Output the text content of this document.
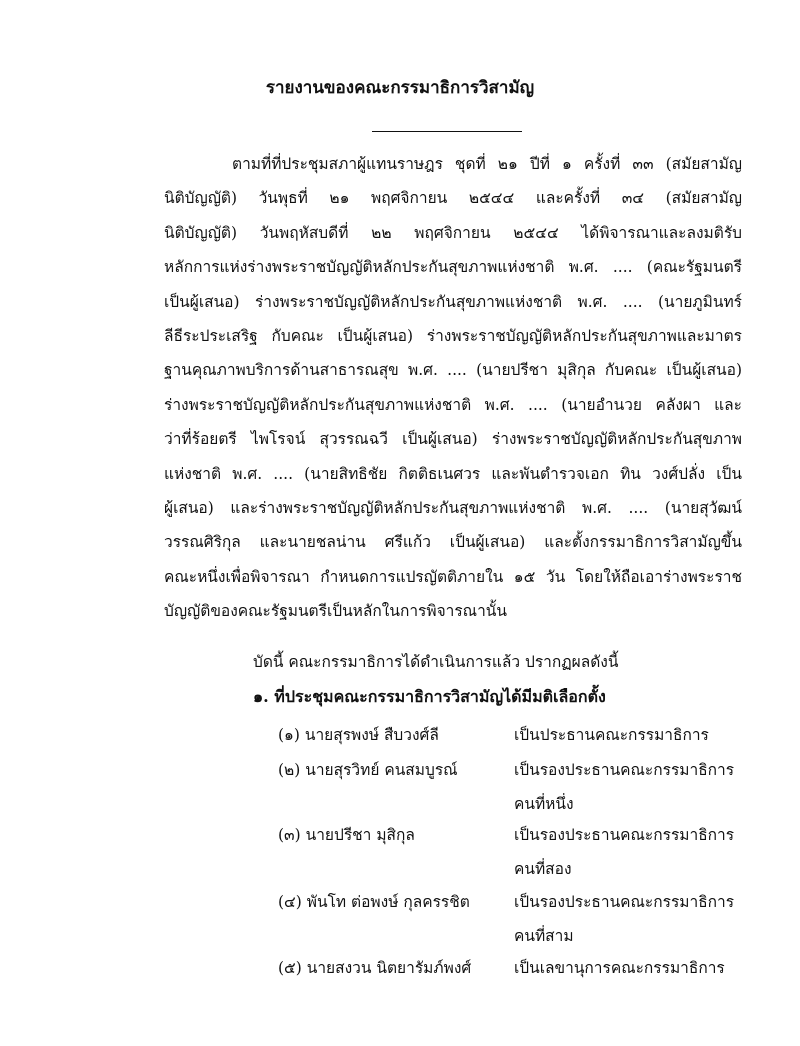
รายงานของคณะกรรมาธิการวิสามัญ
ตามที่ที่ประชุมสภาผู้แทนราษฎร ชุดที่ ๒๑ ปีที่ ๑ ครั้งที่ ๓๓ (สมัยสามัญ
นิติบัญญัติ) วันพุธที่ ๒๑ พฤศจิกายน ๒๕๔๔ และครั้งที่ ๓๔ (สมัยสามัญ
นิติบัญญัติ) วันพฤหัสบดีที่ ๒๒ พฤศจิกายน ๒๕๔๔ ได้พิจารณาและลงมติรับ
หลักการแห่งร่างพระราชบัญญัติหลักประกันสุขภาพแห่งชาติ พ.ศ. .... (คณะรัฐมนตรี
เป็นผู้เสนอ) ร่างพระราชบัญญัติหลักประกันสุขภาพแห่งชาติ พ.ศ. .... (นายภูมินทร์
ลีธีระประเสริฐ กับคณะ เป็นผู้เสนอ) ร่างพระราชบัญญัติหลักประกันสุขภาพและมาตร
ฐานคุณภาพบริการด้านสาธารณสุข พ.ศ. .... (นายปรีชา มุสิกุล กับคณะ เป็นผู้เสนอ)
ร่างพระราชบัญญัติหลักประกันสุขภาพแห่งชาติ พ.ศ. .... (นายอำนวย คลังผา และ
ว่าที่ร้อยตรี ไพโรจน์ สุวรรณฉวี เป็นผู้เสนอ) ร่างพระราชบัญญัติหลักประกันสุขภาพ
แห่งชาติ พ.ศ. .... (นายสิทธิชัย กิตติธเนศวร และพันตำรวจเอก ทิน วงศ์ปลั่ง เป็น
ผู้เสนอ) และร่างพระราชบัญญัติหลักประกันสุขภาพแห่งชาติ พ.ศ. .... (นายสุวัฒน์
วรรณศิริกุล และนายชลน่าน ศรีแก้ว เป็นผู้เสนอ) และตั้งกรรมาธิการวิสามัญขึ้น
คณะหนึ่งเพื่อพิจารณา กำหนดการแปรญัตติภายใน ๑๕ วัน โดยให้ถือเอาร่างพระราช
บัญญัติของคณะรัฐมนตรีเป็นหลักในการพิจารณานั้น
บัดนี้ คณะกรรมาธิการได้ดำเนินการแล้ว ปรากฏผลดังนี้
๑. ที่ประชุมคณะกรรมาธิการวิสามัญได้มีมติเลือกตั้ง
(๑) นายสุรพงษ์ สืบวงศ์ลี	เป็นประธานคณะกรรมาธิการ
(๒) นายสุรวิทย์ คนสมบูรณ์	เป็นรองประธานคณะกรรมาธิการ
คนที่หนึ่ง
(๓) นายปรีชา มุสิกุล	เป็นรองประธานคณะกรรมาธิการ
คนที่สอง
(๔) พันโท ต่อพงษ์ กุลครรชิต	เป็นรองประธานคณะกรรมาธิการ
คนที่สาม
(๕) นายสงวน นิตยารัมภ์พงศ์	เป็นเลขานุการคณะกรรมาธิการ
